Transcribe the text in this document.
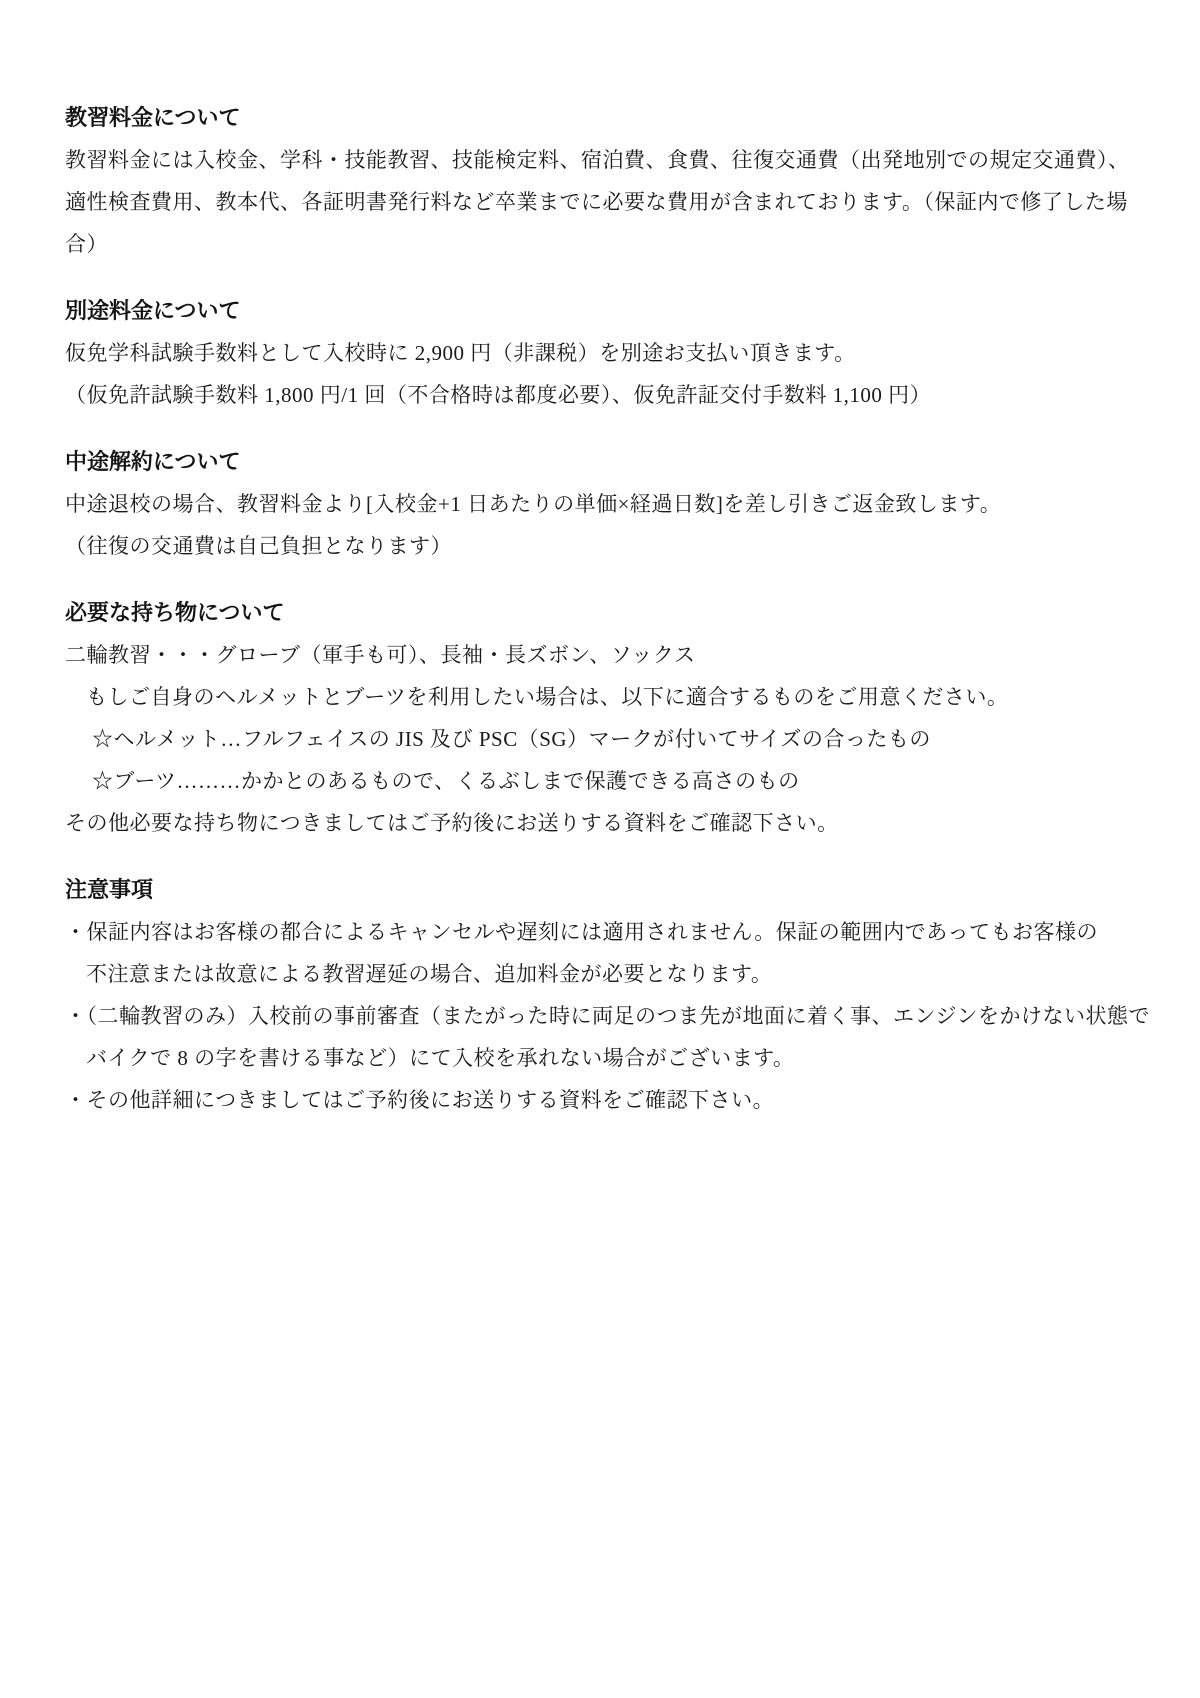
教習料金について
教習料金には入校金、学科・技能教習、技能検定料、宿泊費、食費、往復交通費（出発地別での規定交通費）、
適性検査費用、教本代、各証明書発行料など卒業までに必要な費用が含まれております。（保証内で修了した場
合）
別途料金について
仮免学科試験手数料として入校時に 2,900 円（非課税）を別途お支払い頂きます。
（仮免許試験手数料 1,800 円/1 回（不合格時は都度必要）、仮免許証交付手数料 1,100 円）
中途解約について
中途退校の場合、教習料金より[入校金+1 日あたりの単価×経過日数]を差し引きご返金致します。
（往復の交通費は自己負担となります）
必要な持ち物について
二輪教習・・・グローブ（軍手も可）、長袖・長ズボン、ソックス
もしご自身のヘルメットとブーツを利用したい場合は、以下に適合するものをご用意ください。
☆ヘルメット…フルフェイスの JIS 及び PSC（SG）マークが付いてサイズの合ったもの
☆ブーツ………かかとのあるもので、くるぶしまで保護できる高さのもの
その他必要な持ち物につきましてはご予約後にお送りする資料をご確認下さい。
注意事項
・保証内容はお客様の都合によるキャンセルや遅刻には適用されません。保証の範囲内であってもお客様の
不注意または故意による教習遅延の場合、追加料金が必要となります。
・（二輪教習のみ）入校前の事前審査（またがった時に両足のつま先が地面に着く事、エンジンをかけない状態で
バイクで 8 の字を書ける事など）にて入校を承れない場合がございます。
・その他詳細につきましてはご予約後にお送りする資料をご確認下さい。
